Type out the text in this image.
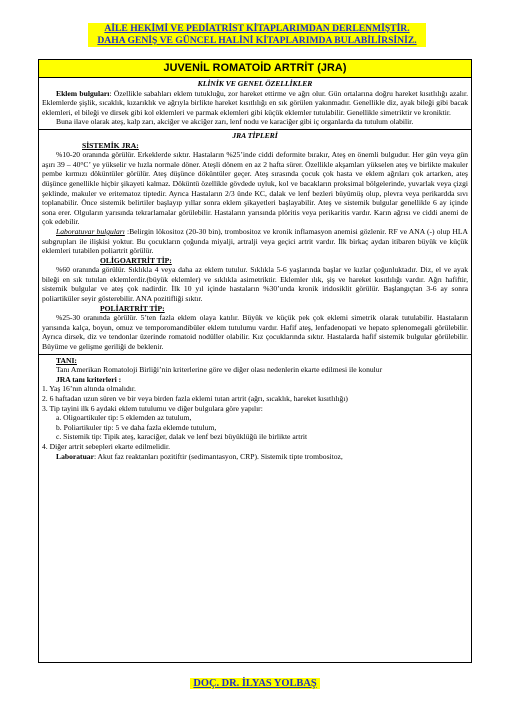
AİLE HEKİMİ VE PEDİATRİST KİTAPLARIMDAN DERLENMİŞTİR.
DAHA GENİŞ VE GÜNCEL HALİNİ KİTAPLARIMDA BULABİLİRSİNİZ.
JUVENİL ROMATOİD ARTRİT (JRA)
KLİNİK VE GENEL ÖZELLİKLER

Eklem bulguları: Özellikle sabahları eklem tutukluğu, zor hareket ettirme ve ağrı olur. Gün ortalarına doğru hareket kısıtlılığı azalır. Eklemlerde şişlik, sıcaklık, kızarıklık ve ağrıyla birlikte hareket kısıtlılığı en sık görülen yakınmadır. Genellikle diz, ayak bileği gibi bacak eklemleri, el bileği ve dirsek gibi kol eklemleri ve parmak eklemleri gibi küçük eklemler tutulabilir. Genellikle simetriktir ve kroniktir.

Buna ilave olarak ateş, kalp zarı, akciğer ve akciğer zarı, lenf nodu ve karaciğer gibi iç organlarda da tutulum olabilir.

JRA TİPLERİ

SİSTEMİK JRA:

%10-20 oranında görülür. Erkeklerde sıktır. Hastaların %25’inde ciddi deformite bırakır, Ateş en önemli bulgudur. Her gün veya gün aşırı 39 – 40°C’ ye yükselir ve hızla normale döner. Ateşli dönem en az 2 hafta sürer. Özellikle akşamları yükselen ateş ve birlikte makuler pembe kırmızı döküntüler görülür. Ateş düşünce döküntüler geçer. Ateş sırasında çocuk çok hasta ve eklem ağrıları çok artarken, ateş düşünce genellikle hiçbir şikayeti kalmaz. Döküntü özellikle gövdede uyluk, kol ve bacakların proksimal bölgelerinde, yuvarlak veya çizgi şeklinde, makuler ve eritematoz tiptedir. Ayrıca Hastaların 2/3 ünde KC, dalak ve lenf bezleri büyümüş olup, plevra veya perikardda sıvı toplanabilir. Önce sistemik belirtiler başlayıp yıllar sonra eklem şikayetleri başlayabilir. Ateş ve sistemik bulgular genellikle 6 ay içinde sona erer. Olguların yarısında tekrarlamalar görülebilir. Hastaların yarısında plöritis veya perikaritis vardır. Karın ağrısı ve ciddi anemi de çok edebilir.

Laboratuvar bulguları :Belirgin lökositoz (20-30 bin), trombositoz ve kronik inflamasyon anemisi gözlenir. RF ve ANA (-) olup HLA subgrupları ile ilişkisi yoktur. Bu çocukların çoğunda miyalji, artralji veya geçici artrit vardır. İlk birkaç aydan itibaren büyük ve küçük eklemleri tutabilen poliartrit görülür.

OLİGOARTRİT TİP:

%60 oranında görülür. Sıklıkla 4 veya daha az eklem tutulur. Sıklıkla 5-6 yaşlarında başlar ve kızlar çoğunluktadır. Diz, el ve ayak bileği en sık tutulan eklemlerdir.(büyük eklemler) ve sıklıkla asimetriktir. Eklemler ılık, şiş ve hareket kısıtlılığı vardır. Ağrı hafiftir, sistemik bulgular ve ateş çok nadirdir. İlk 10 yıl içinde hastaların %30’unda kronik iridosiklit görülür. Başlangıçtan 3-6 ay sonra poliartiküler seyir gösterebilir. ANA pozitifliği sıktır.

POLİARTRİT TİP:

%25-30 oranında görülür. 5’ten fazla eklem olaya katılır. Büyük ve küçük pek çok eklemi simetrik olarak tutulabilir. Hastaların yarısında kalça, boyun, omuz ve temporomandibüler eklem tutulumu vardır. Hafif ateş, lenfadenopati ve hepato splenomegali görülebilir. Ayrıca dirsek, diz ve tendonlar üzerinde romatoid nodüller olabilir. Kız çocuklarında sıktır. Hastalarda hafif sistemik bulgular görülebilir. Büyüme ve gelişme geriliği de beklenir.

TANI:

Tanı Amerikan Romatoloji Birliği’nin kriterlerine göre ve diğer olası nedenlerin ekarte edilmesi ile konulur

JRA tanı kriterleri :

1. Yaş 16’nın altında olmalıdır.

2. 6 haftadan uzun süren ve bir veya birden fazla eklemi tutan artrit (ağrı, sıcaklık, hareket kısıtlılığı)

3. Tip tayini ilk 6 aydaki eklem tutulumu ve diğer bulgulara göre yapılır:

a. Oligoartikuler tip: 5 eklemden az tutulum,

b. Poliartikuler tip: 5 ve daha fazla eklemde tutulum,

c. Sistemik tip: Tipik ateş, karaciğer, dalak ve lenf bezi büyüklüğü ile birlikte artrit

4. Diğer artrit sebepleri ekarte edilmelidir.

Laboratuar: Akut faz reaktanları pozitiftir (sedimantasyon, CRP). Sistemik tipte trombositoz,

DOÇ. DR. İLYAS YOLBAŞ
